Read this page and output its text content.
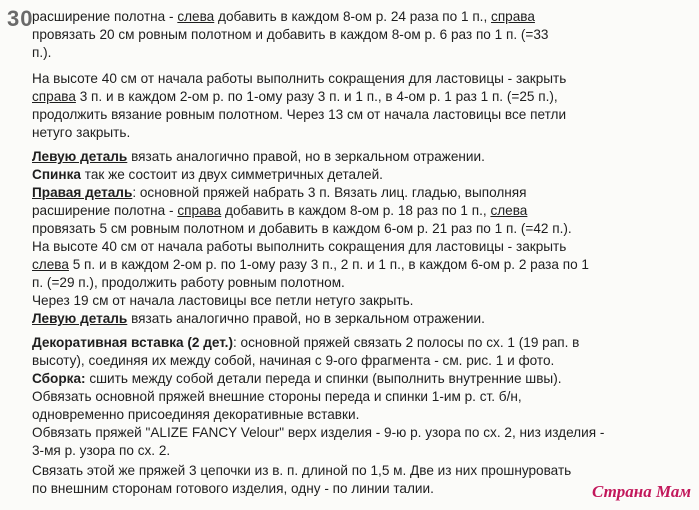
30
расширение полотна - слева добавить в каждом 8-ом р. 24 раза по 1 п., справа
провязать 20 см ровным полотном и добавить в каждом 8-ом р. 6 раз по 1 п. (=33
п.).
На высоте 40 см от начала работы выполнить сокращения для ластовицы - закрыть
справа 3 п. и в каждом 2-ом р. по 1-ому разу 3 п. и 1 п., в 4-ом р. 1 раз 1 п. (=25 п.),
продолжить вязание ровным полотном. Через 13 см от начала ластовицы все петли
нетугo закрыть.
Левую деталь вязать аналогично правой, но в зеркальном отражении.
Спинка так же состоит из двух симметричных деталей.
Правая деталь: основной пряжей набрать 3 п. Вязать лиц. гладью, выполняя
расширение полотна - справа добавить в каждом 8-ом р. 18 раз по 1 п., слева
провязать 5 см ровным полотном и добавить в каждом 6-ом р. 21 раз по 1 п. (=42 п.).
На высоте 40 см от начала работы выполнить сокращения для ластовицы - закрыть
слева 5 п. и в каждом 2-ом р. по 1-ому разу 3 п., 2 п. и 1 п., в каждом 6-ом р. 2 раза по 1
п. (=29 п.), продолжить работу ровным полотном.
Через 19 см от начала ластовицы все петли нетугo закрыть.
Левую деталь вязать аналогично правой, но в зеркальном отражении.
Декоративная вставка (2 дет.): основной пряжей связать 2 полосы по сх. 1 (19 рап. в
высоту), соединяя их между собой, начиная с 9-ого фрагмента - см. рис. 1 и фото.
Сборка: сшить между собой детали переда и спинки (выполнить внутренние швы).
Обвязать основной пряжей внешние стороны переда и спинки 1-им р. ст. б/н,
одновременно присоединяя декоративные вставки.
Обвязать пряжей "ALIZE FANCY Velour" верх изделия - 9-ю р. узора по сх. 2, низ изделия -
3-мя р. узора по сх. 2.
Связать этой же пряжей 3 цепочки из в. п. длиной по 1,5 м. Две из них прошнуровать
по внешним сторонам готового изделия, одну - по линии талии.	Страна Мам
